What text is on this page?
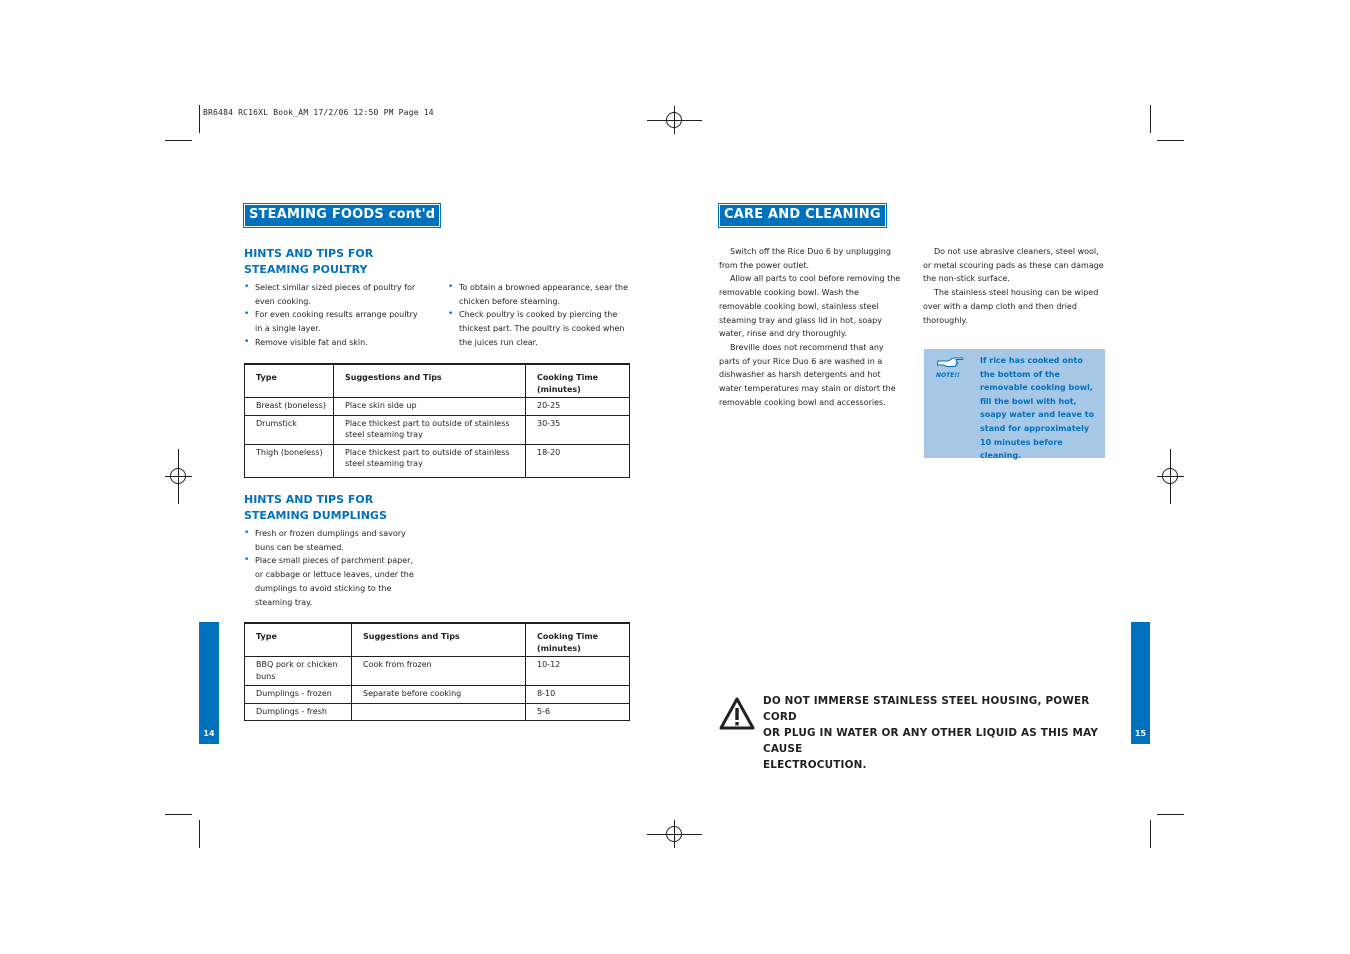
BR6484 RC16XL Book_AM 17/2/06 12:50 PM Page 14
STEAMING FOODS cont'd
HINTS AND TIPS FOR
STEAMING POULTRY
• Select similar sized pieces of poultry for even cooking.
• For even cooking results arrange poultry in a single layer.
• Remove visible fat and skin.
• To obtain a browned appearance, sear the chicken before steaming.
• Check poultry is cooked by piercing the thickest part. The poultry is cooked when the juices run clear.
Type	Suggestions and Tips	Cooking Time (minutes)
Breast (boneless)	Place skin side up	20-25
Drumstick	Place thickest part to outside of stainless steel steaming tray	30-35
Thigh (boneless)	Place thickest part to outside of stainless steel steaming tray	18-20
HINTS AND TIPS FOR
STEAMING DUMPLINGS
• Fresh or frozen dumplings and savory buns can be steamed.
• Place small pieces of parchment paper, or cabbage or lettuce leaves, under the dumplings to avoid sticking to the steaming tray.
Type	Suggestions and Tips	Cooking Time (minutes)
BBQ pork or chicken buns	Cook from frozen	10-12
Dumplings - frozen	Separate before cooking	8-10
Dumplings - fresh		5-6
14
CARE AND CLEANING

Switch off the Rice Duo 6 by unplugging from the power outlet.

Allow all parts to cool before removing the removable cooking bowl. Wash the removable cooking bowl, stainless steel steaming tray and glass lid in hot, soapy water, rinse and dry thoroughly.

Breville does not recommend that any parts of your Rice Duo 6 are washed in a dishwasher as harsh detergents and hot water temperatures may stain or distort the removable cooking bowl and accessories.

Do not use abrasive cleaners, steel wool, or metal scouring pads as these can damage the non-stick surface.

The stainless steel housing can be wiped over with a damp cloth and then dried thoroughly.

NOTE!!
If rice has cooked onto the bottom of the removable cooking bowl, fill the bowl with hot, soapy water and leave to stand for approximately 10 minutes before cleaning.
DO NOT IMMERSE STAINLESS STEEL HOUSING, POWER CORD
OR PLUG IN WATER OR ANY OTHER LIQUID AS THIS MAY CAUSE
ELECTROCUTION.
15
